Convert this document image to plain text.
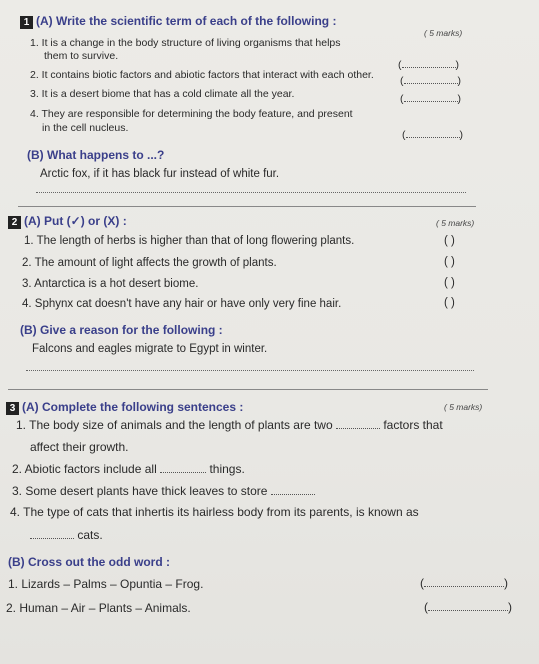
1 (A) Write the scientific term of each of the following :
( 5 marks)
1. It is a change in the body structure of living organisms that helps
them to survive.
(	)
2. It contains biotic factors and abiotic factors that interact with each other. (	)
3. It is a desert biome that has a cold climate all the year.	(	)
4. They are responsible for determining the body feature, and present
in the cell nucleus.
(	)
(B) What happens to ...?
Arctic fox, if it has black fur instead of white fur.
2 (A) Put (✓) or (X) :	( 5 marks)
1. The length of herbs is higher than that of long flowering plants.	( )
2. The amount of light affects the growth of plants.	( )
3. Antarctica is a hot desert biome.	( )
4. Sphynx cat doesn't have any hair or have only very fine hair.	( )
(B) Give a reason for the following :
Falcons and eagles migrate to Egypt in winter.
3 (A) Complete the following sentences :	( 5 marks)
1. The body size of animals and the length of plants are two	factors that
affect their growth.
2. Abiotic factors include all	things.
3. Some desert plants have thick leaves to store
4. The type of cats that inhertis its hairless body from its parents, is known as
cats.
(B) Cross out the odd word :
1. Lizards – Palms – Opuntia – Frog.	(	)
2. Human – Air – Plants – Animals.	(	)
